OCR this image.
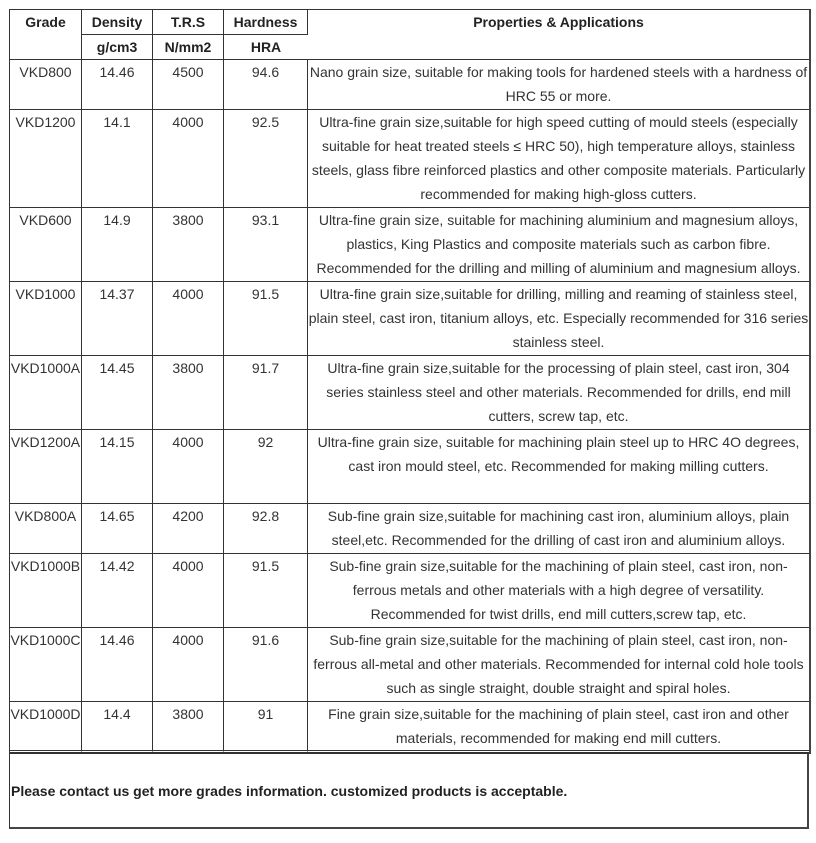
Grade	Density	T.R.S	Hardness	Properties & Applications
	g/cm3	N/mm2	HRA	
VKD800	14.46	4500	94.6	Nano grain size, suitable for making tools for hardened steels with a hardness of HRC 55 or more.
VKD1200	14.1	4000	92.5	Ultra-fine grain size,suitable for high speed cutting of mould steels (especially suitable for heat treated steels ≤ HRC 50), high temperature alloys, stainless steels, glass fibre reinforced plastics and other composite materials. Particularly recommended for making high-gloss cutters.
VKD600	14.9	3800	93.1	Ultra-fine grain size, suitable for machining aluminium and magnesium alloys, plastics, King Plastics and composite materials such as carbon fibre. Recommended for the drilling and milling of aluminium and magnesium alloys.
VKD1000	14.37	4000	91.5	Ultra-fine grain size,suitable for drilling, milling and reaming of stainless steel, plain steel, cast iron, titanium alloys, etc. Especially recommended for 316 series stainless steel.
VKD1000A	14.45	3800	91.7	Ultra-fine grain size,suitable for the processing of plain steel, cast iron, 304 series stainless steel and other materials. Recommended for drills, end mill cutters, screw tap, etc.
VKD1200A	14.15	4000	92	Ultra-fine grain size, suitable for machining plain steel up to HRC 4O degrees, cast iron mould steel, etc. Recommended for making milling cutters.
VKD800A	14.65	4200	92.8	Sub-fine grain size,suitable for machining cast iron, aluminium alloys, plain steel,etc. Recommended for the drilling of cast iron and aluminium alloys.
VKD1000B	14.42	4000	91.5	Sub-fine grain size,suitable for the machining of plain steel, cast iron, non-ferrous metals and other materials with a high degree of versatility. Recommended for twist drills, end mill cutters,screw tap, etc.
VKD1000C	14.46	4000	91.6	Sub-fine grain size,suitable for the machining of plain steel, cast iron, non-ferrous all-metal and other materials. Recommended for internal cold hole tools such as single straight, double straight and spiral holes.
VKD1000D	14.4	3800	91	Fine grain size,suitable for the machining of plain steel, cast iron and other materials, recommended for making end mill cutters.
Please contact us get more grades information. customized products is acceptable.
